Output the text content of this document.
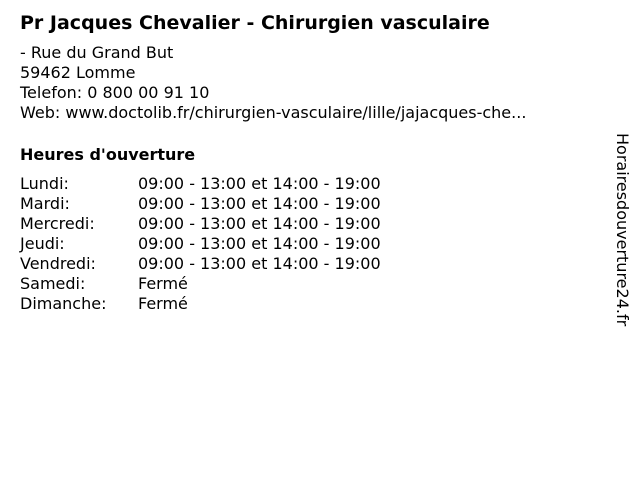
Pr Jacques Chevalier - Chirurgien vasculaire
- Rue du Grand But
59462 Lomme
Telefon: 0 800 00 91 10
Web: www.doctolib.fr/chirurgien-vasculaire/lille/jajacques-che...
Heures d'ouverture
Lundi:	09:00 - 13:00 et 14:00 - 19:00
Mardi:	09:00 - 13:00 et 14:00 - 19:00
Mercredi:	09:00 - 13:00 et 14:00 - 19:00
Jeudi:	09:00 - 13:00 et 14:00 - 19:00
Vendredi:	09:00 - 13:00 et 14:00 - 19:00
Samedi:	Fermé
Dimanche:	Fermé	Horairesdouverture24.fr
